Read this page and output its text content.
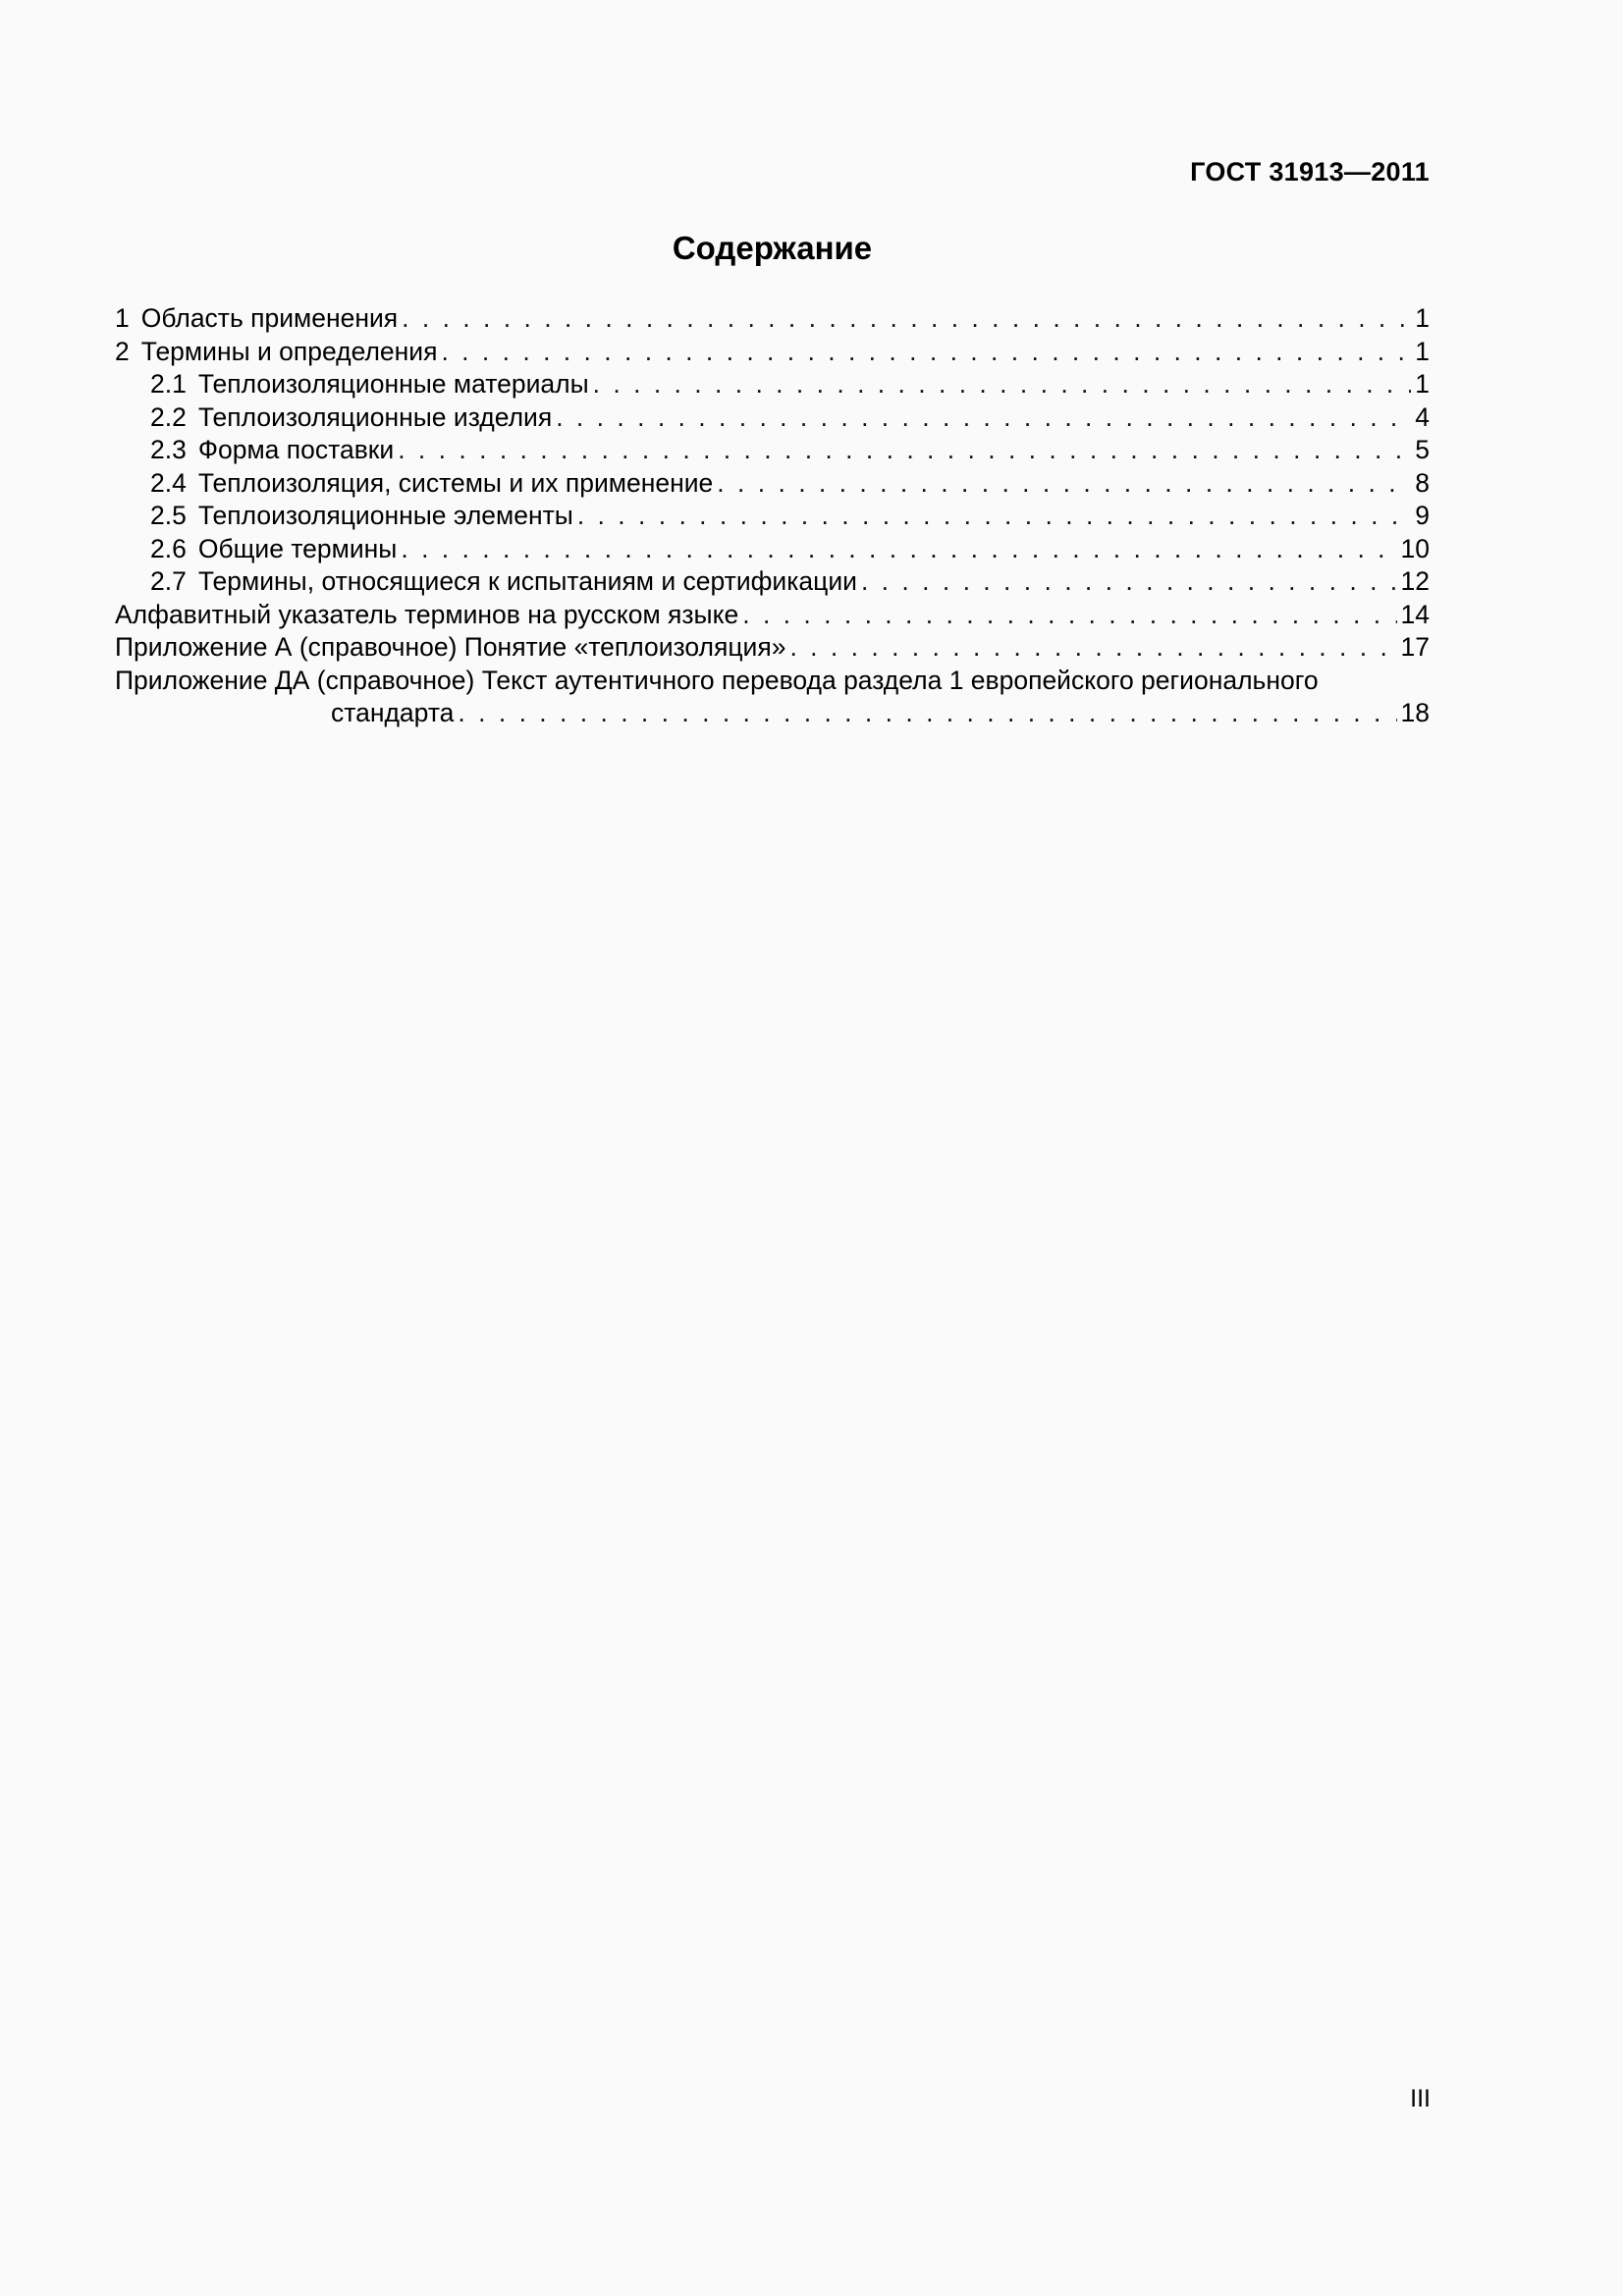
ГОСТ 31913—2011
Содержание
1 Область применения . . .	1
2 Термины и определения . . .	1
2.1 Теплоизоляционные материалы . . .	1
2.2 Теплоизоляционные изделия . . .	4
2.3 Форма поставки . . .	5
2.4 Теплоизоляция, системы и их применение . . .	8
2.5 Теплоизоляционные элементы . . .	9
2.6 Общие термины . . .	10
2.7 Термины, относящиеся к испытаниям и сертификации . . .	12
Алфавитный указатель терминов на русском языке . . .	14
Приложение А (справочное) Понятие «теплоизоляция» . . .	17
Приложение ДА (справочное) Текст аутентичного перевода раздела 1 европейского регионального
стандарта . . .	18
III
